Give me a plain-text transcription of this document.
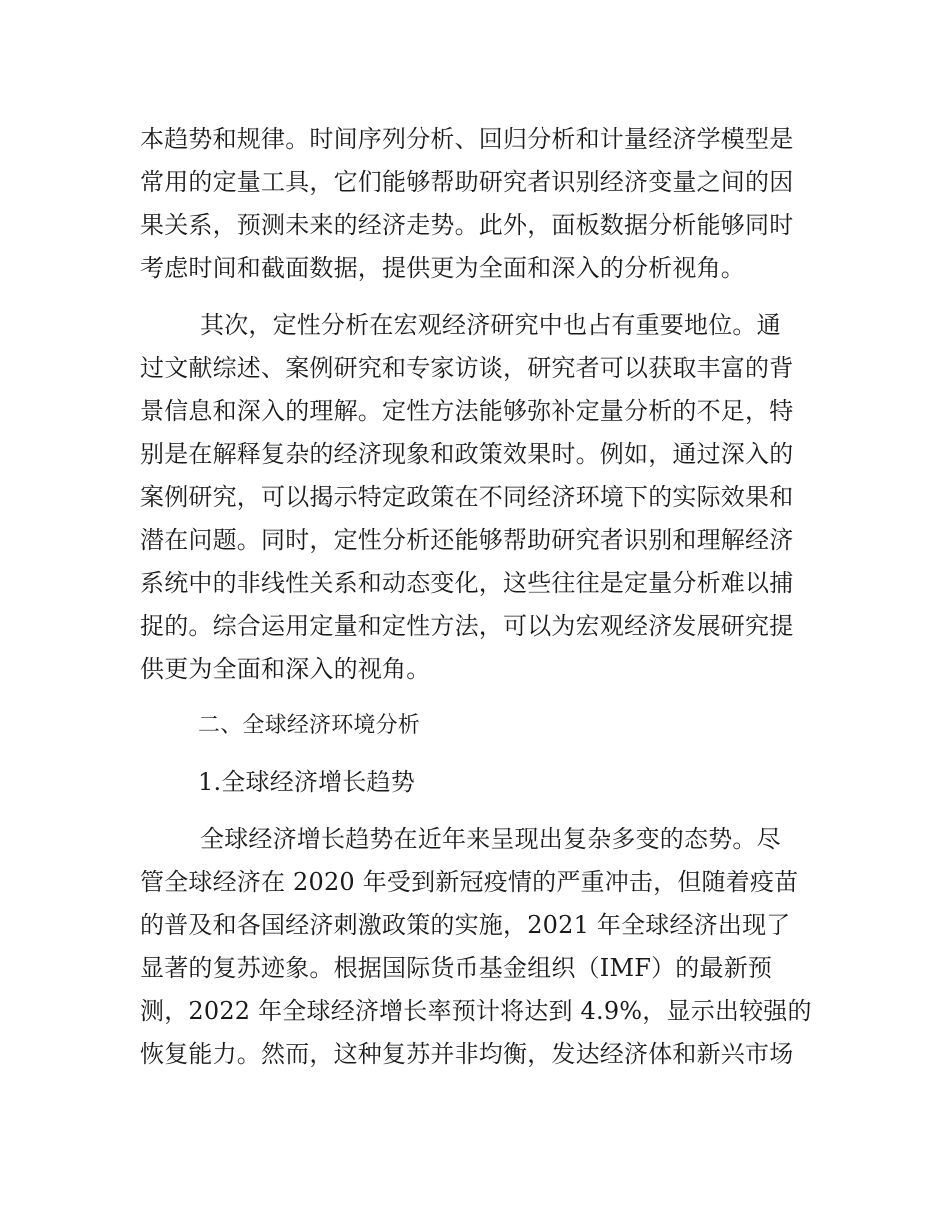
本趋势和规律。时间序列分析、回归分析和计量经济学模型是
常用的定量工具，它们能够帮助研究者识别经济变量之间的因
果关系，预测未来的经济走势。此外，面板数据分析能够同时
考虑时间和截面数据，提供更为全面和深入的分析视角。
其次，定性分析在宏观经济研究中也占有重要地位。通
过文献综述、案例研究和专家访谈，研究者可以获取丰富的背
景信息和深入的理解。定性方法能够弥补定量分析的不足，特
别是在解释复杂的经济现象和政策效果时。例如，通过深入的
案例研究，可以揭示特定政策在不同经济环境下的实际效果和
潜在问题。同时，定性分析还能够帮助研究者识别和理解经济
系统中的非线性关系和动态变化，这些往往是定量分析难以捕
捉的。综合运用定量和定性方法，可以为宏观经济发展研究提
供更为全面和深入的视角。
二、全球经济环境分析
1.全球经济增长趋势
全球经济增长趋势在近年来呈现出复杂多变的态势。尽
管全球经济在 2020 年受到新冠疫情的严重冲击，但随着疫苗
的普及和各国经济刺激政策的实施，2021 年全球经济出现了
显著的复苏迹象。根据国际货币基金组织（IMF）的最新预
测，2022 年全球经济增长率预计将达到 4.9%，显示出较强的
恢复能力。然而，这种复苏并非均衡，发达经济体和新兴市场
